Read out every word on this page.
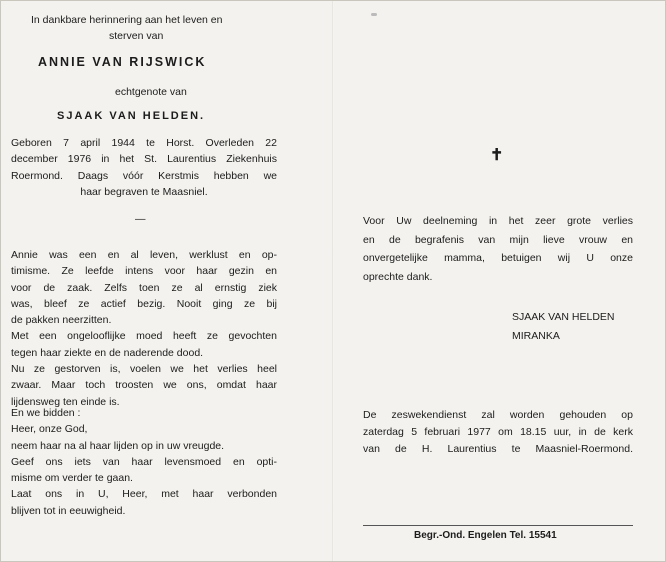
In dankbare herinnering aan het leven en
sterven van
ANNIE VAN RIJSWICK
echtgenote van
SJAAK VAN HELDEN.
Geboren 7 april 1944 te Horst. Overleden 22
december 1976 in het St. Laurentius Ziekenhuis
Roermond. Daags vóór Kerstmis hebben we
haar begraven te Maasniel.
—
Annie was een en al leven, werklust en op-
timisme. Ze leefde intens voor haar gezin en
voor de zaak. Zelfs toen ze al ernstig ziek
was, bleef ze actief bezig. Nooit ging ze bij
de pakken neerzitten.
Met een ongelooflijke moed heeft ze gevochten
tegen haar ziekte en de naderende dood.
Nu ze gestorven is, voelen we het verlies heel
zwaar. Maar toch troosten we ons, omdat haar
lijdensweg ten einde is.
En we bidden :
Heer, onze God,
neem haar na al haar lijden op in uw vreugde.
Geef ons iets van haar levensmoed en opti-
misme om verder te gaan.
Laat ons in U, Heer, met haar verbonden
blijven tot in eeuwigheid.
✝
Voor Uw deelneming in het zeer grote verlies
en de begrafenis van mijn lieve vrouw en
onvergetelijke mamma, betuigen wij U onze
oprechte dank.
SJAAK VAN HELDEN
MIRANKA
De zeswekendienst zal worden gehouden op
zaterdag 5 februari 1977 om 18.15 uur, in de kerk
van de H. Laurentius te Maasniel-Roermond.
Begr.-Ond. Engelen Tel. 15541
